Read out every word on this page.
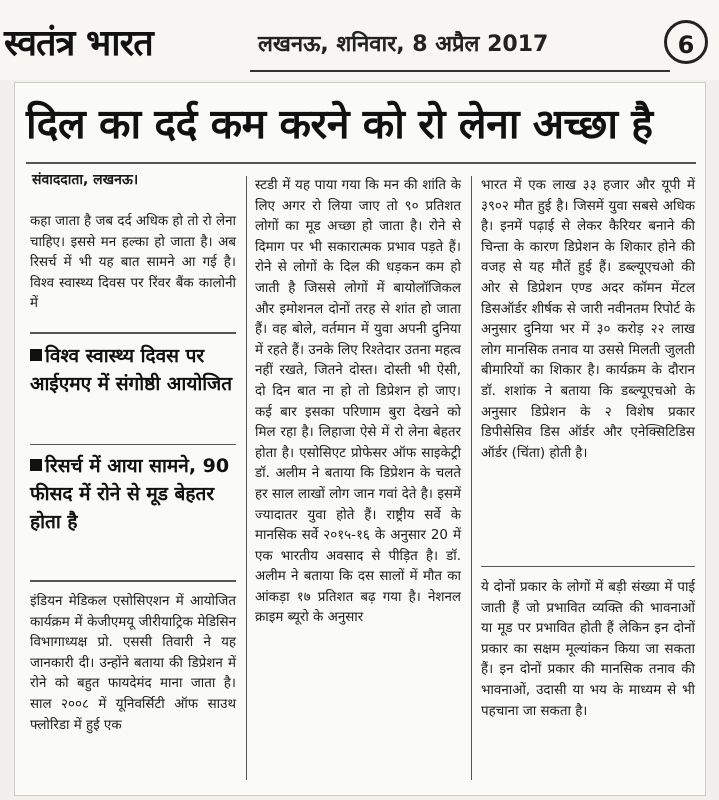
स्वतंत्र भारत	लखनऊ, शनिवार, 8 अप्रैल 2017	6
दिल का दर्द कम करने को रो लेना अच्छा है
संवाददाता, लखनऊ।

कहा जाता है जब दर्द अधिक हो तो रो लेना चाहिए। इससे मन हल्का हो जाता है। अब रिसर्च में भी यह बात सामने आ गई है। विश्व स्वास्थ्य दिवस पर रिंवर बैंक कालोनी में

विश्व स्वास्थ्य दिवस पर आईएमए में संगोष्ठी आयोजित
रिसर्च में आया सामने, 90 फीसद में रोने से मूड बेहतर होता है

इंडियन मेडिकल एसोसिएशन में आयोजित कार्यक्रम में केजीएमयू जीरीयाट्रिक मेडिसिन विभागाध्यक्ष प्रो. एससी तिवारी ने यह जानकारी दी। उन्होंने बताया की डिप्रेशन में रोने को बहुत फायदेमंद माना जाता है। साल २००८ में यूनिवर्सिटी ऑफ साउथ फ्लोरिडा में हुई एक

स्टडी में यह पाया गया कि मन की शांति के लिए अगर रो लिया जाए तो ९० प्रतिशत लोगों का मूड अच्छा हो जाता है। रोने से दिमाग पर भी सकारात्मक प्रभाव पड़ते हैं। रोने से लोगों के दिल की धड़कन कम हो जाती है जिससे लोगों में बायोलॉजिकल और इमोशनल दोनों तरह से शांत हो जाता हैं। वह बोले, वर्तमान में युवा अपनी दुनिया में रहते हैं। उनके लिए रिश्तेदार उतना महत्व नहीं रखते, जितने दोस्त। दोस्ती भी ऐसी, दो दिन बात ना हो तो डिप्रेशन हो जाए। कई बार इसका परिणाम बुरा देखने को मिल रहा है। लिहाजा ऐसे में रो लेना बेहतर होता है। एसोसिएट प्रोफेसर ऑफ साइकेट्री डॉ. अलीम ने बताया कि डिप्रेशन के चलते हर साल लाखों लोग जान गवां देते है। इसमें ज्यादातर युवा होते हैं। राष्ट्रीय सर्वे के मानसिक सर्वे २०१५-१६ के अनुसार 20 में एक भारतीय अवसाद से पीड़ित है। डॉ. अलीम ने बताया कि दस सालों में मौत का आंकड़ा १७ प्रतिशत बढ़ गया है। नेशनल क्राइम ब्यूरो के अनुसार

भारत में एक लाख ३३ हजार और यूपी में ३९०२ मौत हुई है। जिसमें युवा सबसे अधिक है। इनमें पढ़ाई से लेकर कैरियर बनाने की चिन्ता के कारण डिप्रेशन के शिकार होने की वजह से यह मौतें हुई हैं। डब्ल्यूएचओ की ओर से डिप्रेशन एण्ड अदर कॉमन मेंटल डिसऑर्डर शीर्षक से जारी नवीनतम रिपोर्ट के अनुसार दुनिया भर में ३० करोड़ २२ लाख लोग मानसिक तनाव या उससे मिलती जुलती बीमारियों का शिकार है। कार्यक्रम के दौरान डॉ. शशांक ने बताया कि डब्ल्यूएचओ के अनुसार डिप्रेशन के २ विशेष प्रकार डिपीसेसिव डिस ऑर्डर और एनेक्सिटिडिस ऑर्डर (चिंता) होती है।

ये दोनों प्रकार के लोगों में बड़ी संख्या में पाई जाती हैं जो प्रभावित व्यक्ति की भावनाओं या मूड पर प्रभावित होती हैं लेकिन इन दोनों प्रकार का सक्षम मूल्यांकन किया जा सकता हैं। इन दोनों प्रकार की मानसिक तनाव की भावनाओं, उदासी या भय के माध्यम से भी पहचाना जा सकता है।
